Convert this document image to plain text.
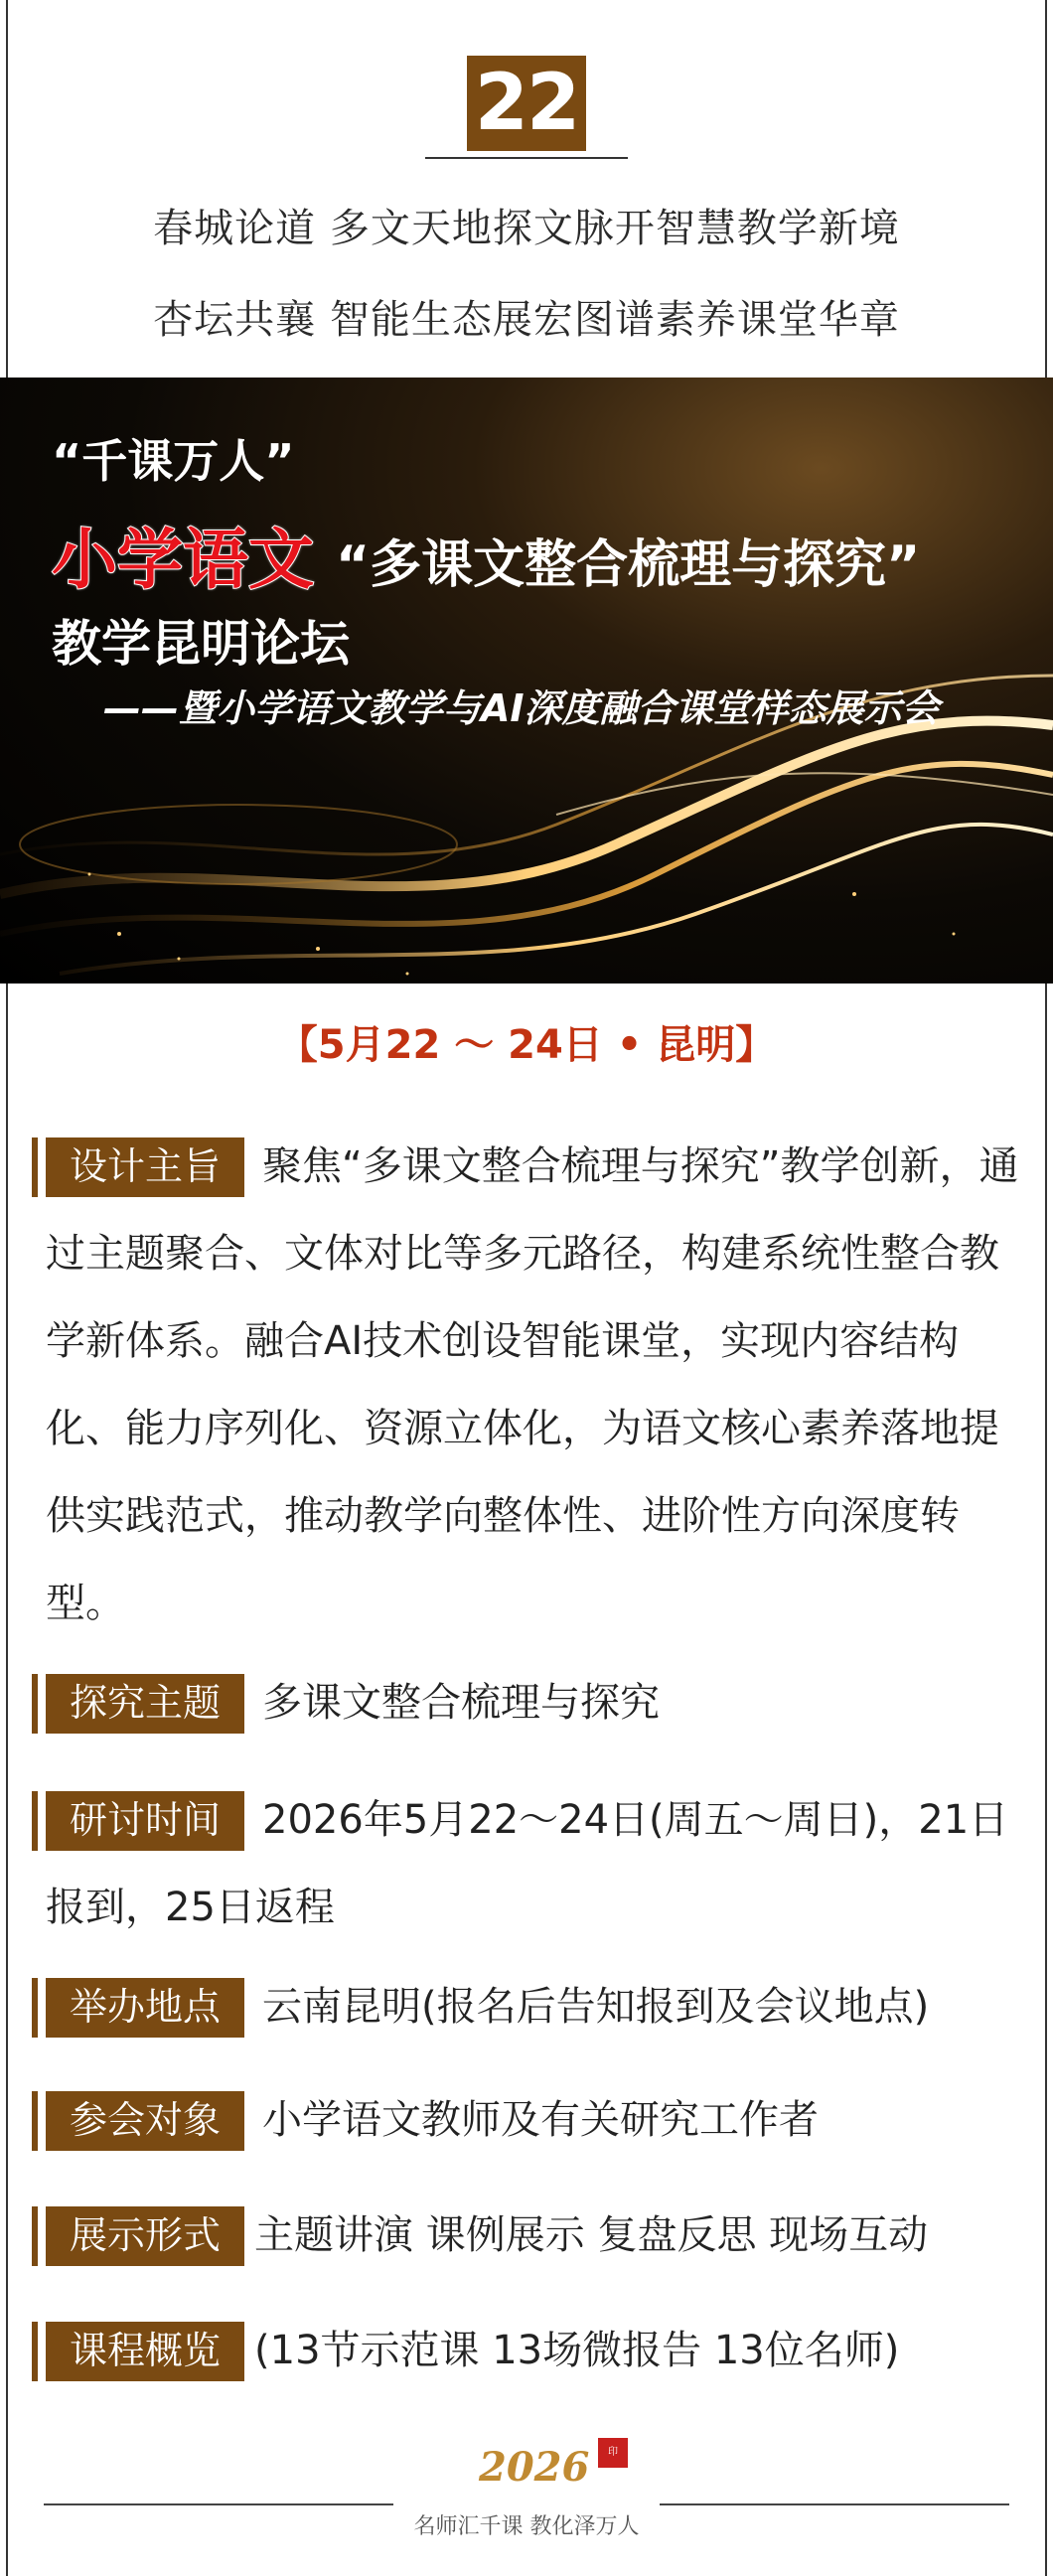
22
春城论道 多文天地探文脉开智慧教学新境
杏坛共襄 智能生态展宏图谱素养课堂华章
“千课万人”
小学语文 “多课文整合梳理与探究”
教学昆明论坛
——暨小学语文教学与AI深度融合课堂样态展示会
【5月22 ～ 24日 • 昆明】
设计主旨 聚焦“多课文整合梳理与探究”教学创新，通过主题聚合、文体对比等多元路径，构建系统性整合教学新体系。融合AI技术创设智能课堂，实现内容结构化、能力序列化、资源立体化，为语文核心素养落地提供实践范式，推动教学向整体性、进阶性方向深度转型。
探究主题 多课文整合梳理与探究
研讨时间 2026年5月22～24日(周五～周日)，21日报到，25日返程
举办地点 云南昆明(报名后告知报到及会议地点)
参会对象 小学语文教师及有关研究工作者
展示形式 主题讲演 课例展示 复盘反思 现场互动
课程概览 (13节示范课 13场微报告 13位名师)
2026	印
名师汇千课 教化泽万人
